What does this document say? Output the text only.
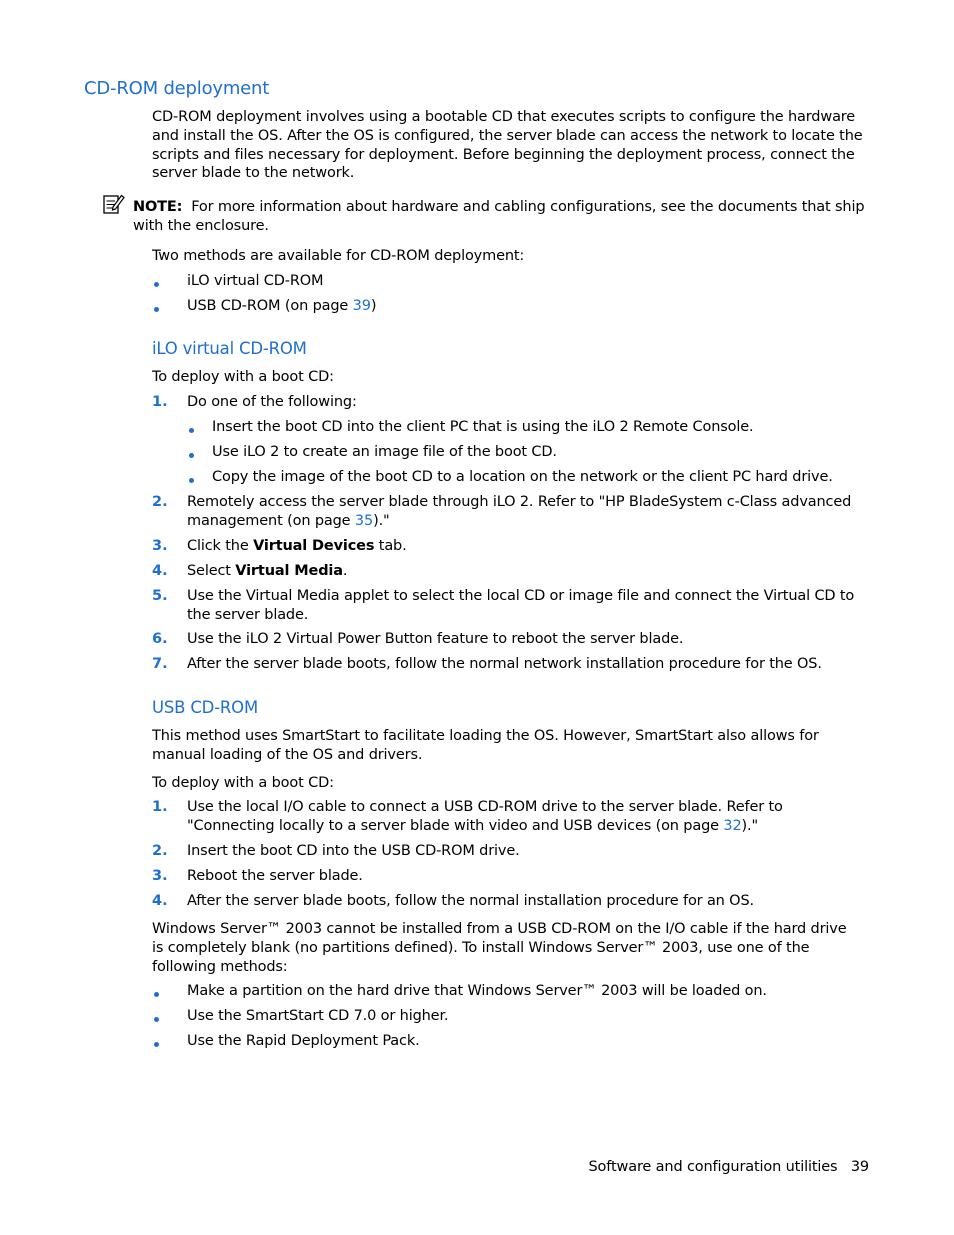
CD-ROM deployment
CD-ROM deployment involves using a bootable CD that executes scripts to configure the hardware and install the OS. After the OS is configured, the server blade can access the network to locate the scripts and files necessary for deployment. Before beginning the deployment process, connect the server blade to the network.
NOTE: For more information about hardware and cabling configurations, see the documents that ship with the enclosure.
Two methods are available for CD-ROM deployment:
iLO virtual CD-ROM
USB CD-ROM (on page 39)
iLO virtual CD-ROM
To deploy with a boot CD:
1. Do one of the following:
Insert the boot CD into the client PC that is using the iLO 2 Remote Console.
Use iLO 2 to create an image file of the boot CD.
Copy the image of the boot CD to a location on the network or the client PC hard drive.
2. Remotely access the server blade through iLO 2. Refer to "HP BladeSystem c-Class advanced management (on page 35)."
3. Click the Virtual Devices tab.
4. Select Virtual Media.
5. Use the Virtual Media applet to select the local CD or image file and connect the Virtual CD to the server blade.
6. Use the iLO 2 Virtual Power Button feature to reboot the server blade.
7. After the server blade boots, follow the normal network installation procedure for the OS.
USB CD-ROM
This method uses SmartStart to facilitate loading the OS. However, SmartStart also allows for manual loading of the OS and drivers.
To deploy with a boot CD:
1. Use the local I/O cable to connect a USB CD-ROM drive to the server blade. Refer to "Connecting locally to a server blade with video and USB devices (on page 32)."
2. Insert the boot CD into the USB CD-ROM drive.
3. Reboot the server blade.
4. After the server blade boots, follow the normal installation procedure for an OS.
Windows Server™ 2003 cannot be installed from a USB CD-ROM on the I/O cable if the hard drive is completely blank (no partitions defined). To install Windows Server™ 2003, use one of the following methods:
Make a partition on the hard drive that Windows Server™ 2003 will be loaded on.
Use the SmartStart CD 7.0 or higher.
Use the Rapid Deployment Pack.
Software and configuration utilities 39
